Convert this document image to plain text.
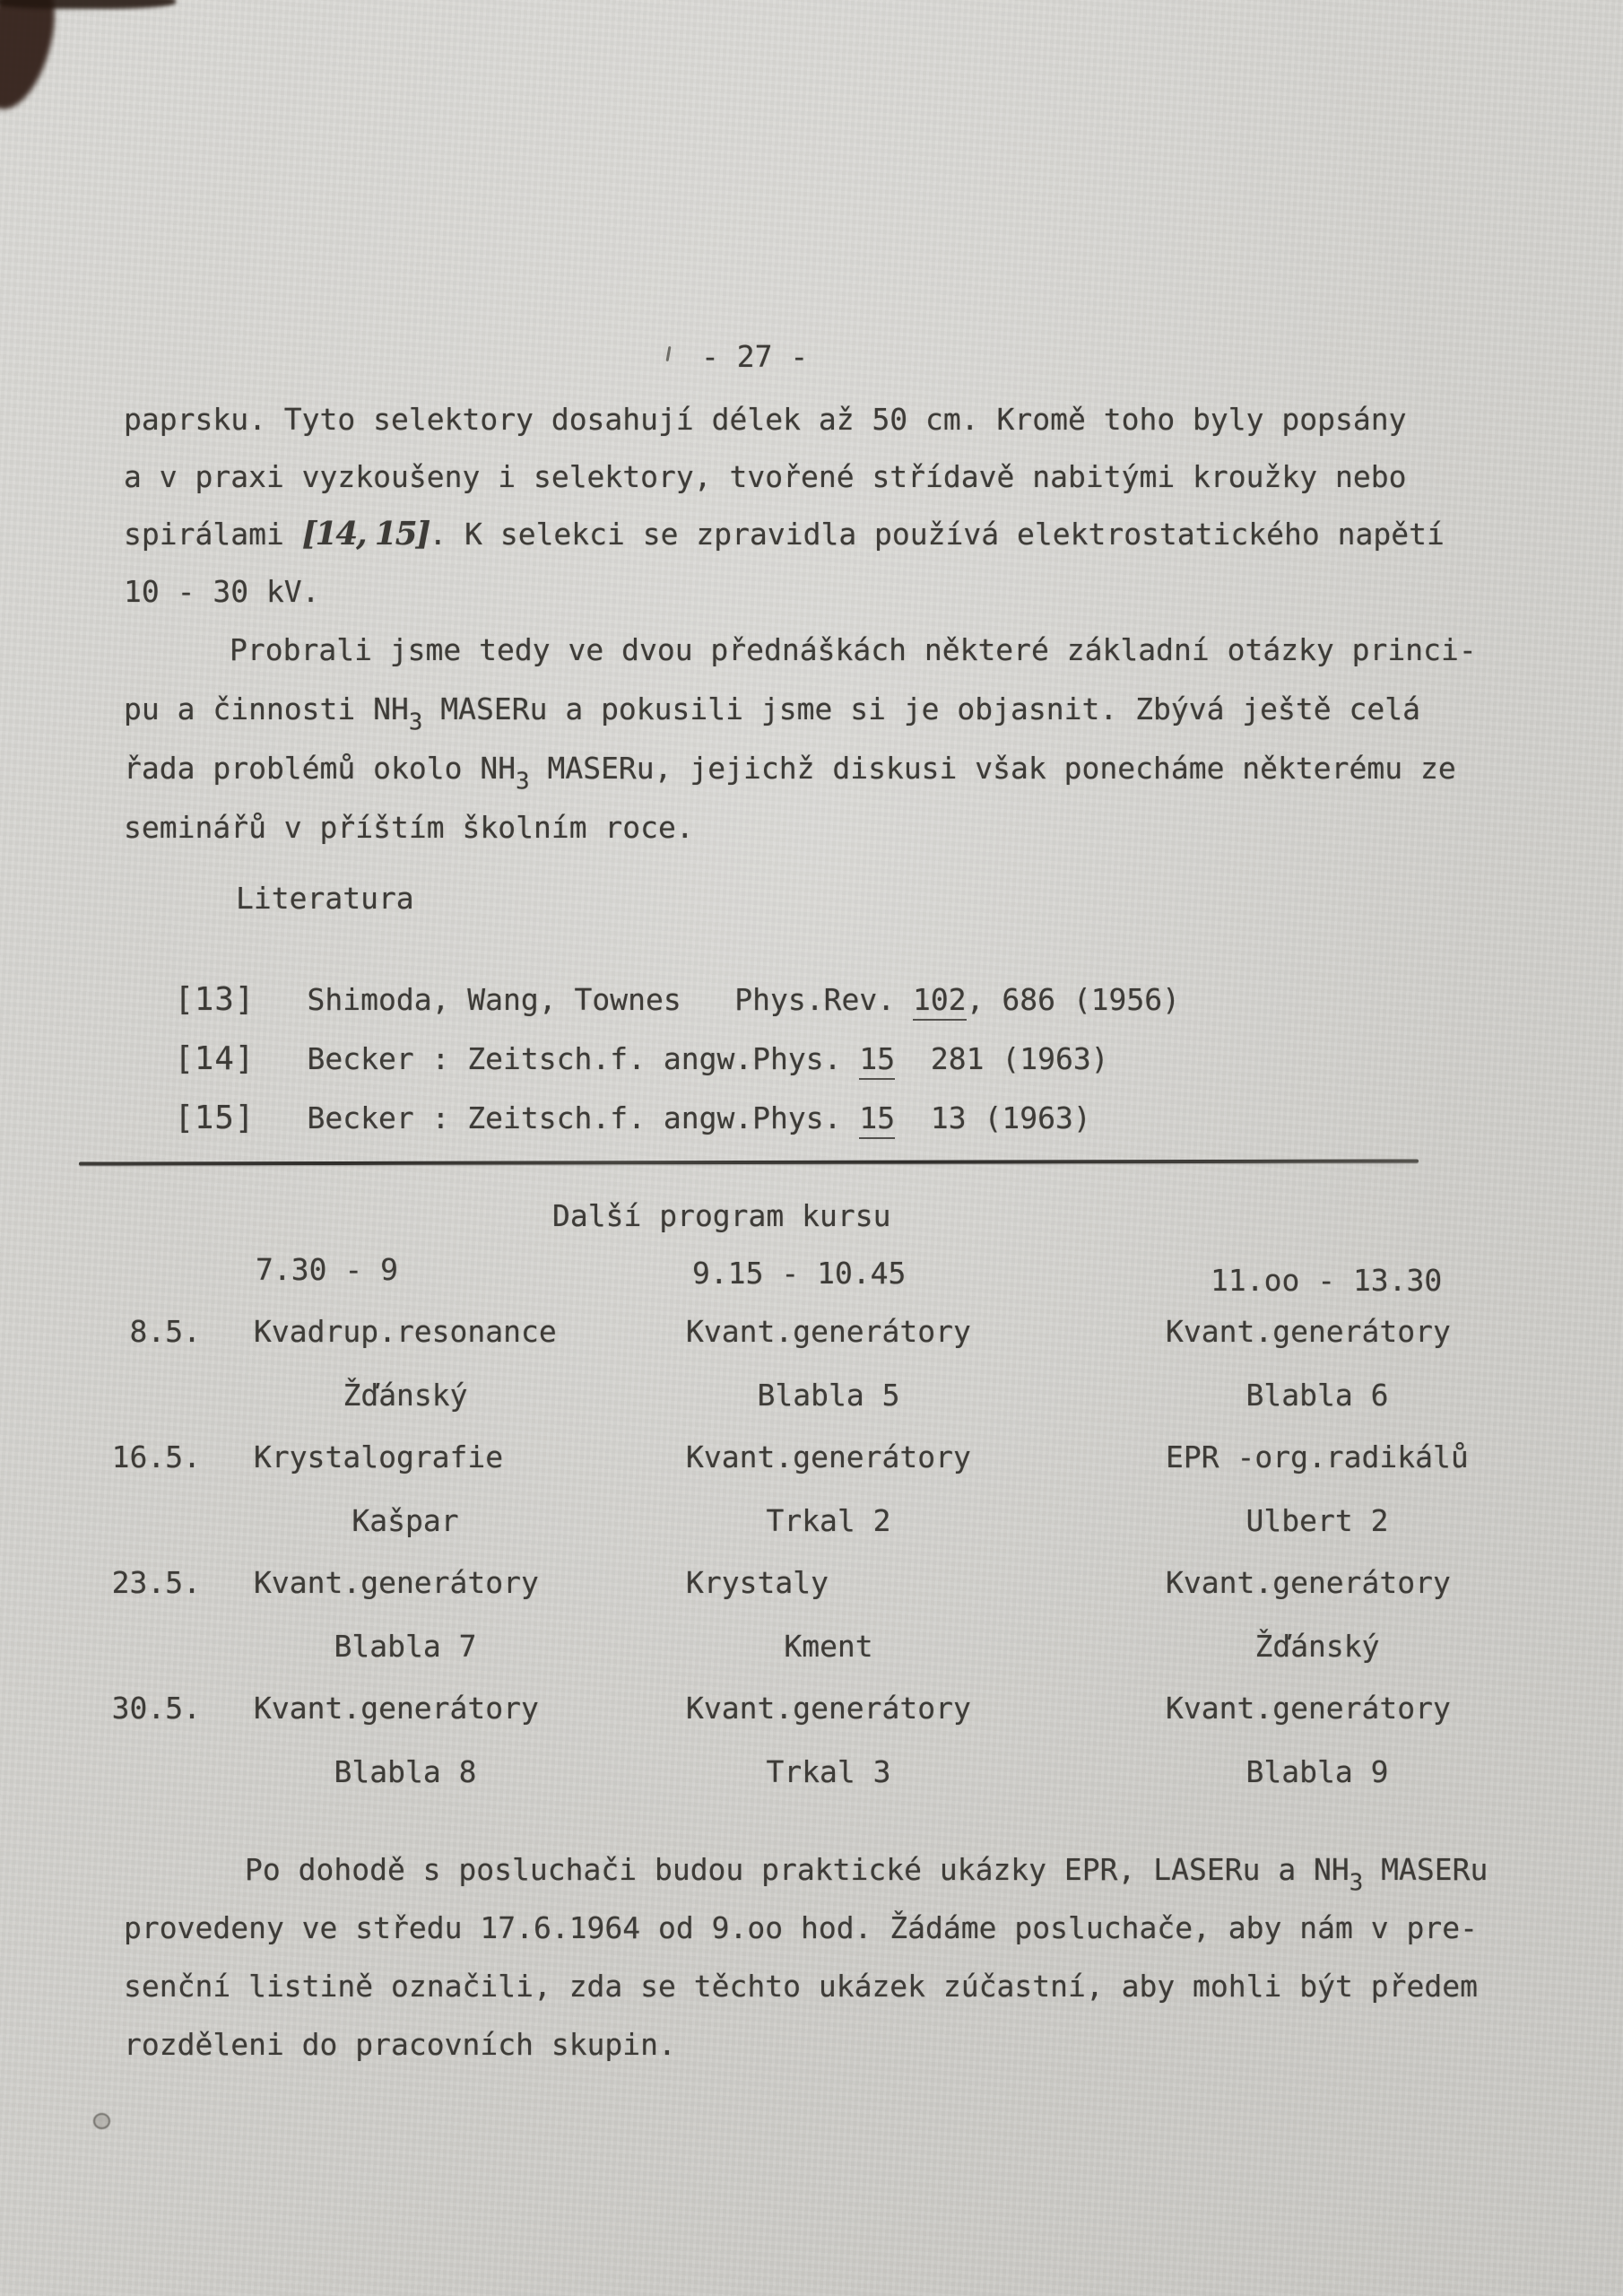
- 27 -
paprsku. Tyto selektory dosahují délek až 50 cm. Kromě toho byly popsány
a v praxi vyzkoušeny i selektory, tvořené střídavě nabitými kroužky nebo
spirálami [14, 15]. K selekci se zpravidla používá elektrostatického napětí
10 - 30 kV.
Probrali jsme tedy ve dvou přednáškách některé základní otázky princi-
pu a činnosti $NH_3$ MASERu a pokusili jsme si je objasnit. Zbývá ještě celá
řada problémů okolo $NH_3$ MASERu, jejichž diskusi však ponecháme některému ze
seminářů v příštím školním roce.
Literatura

[13] Shimoda, Wang, Townes   Phys.Rev. 102, 686 (1956)

[14] Becker : Zeitsch.f. angw.Phys. 15  281 (1963)

[15] Becker : Zeitsch.f. angw.Phys. 15  13 (1963)

Další program kursu
7.30 - 9	9.15 - 10.45	11.oo - 13.30
8.5. Kvadrup.resonance
Žďánský
Kvant.generátory
Blabla 5
Kvant.generátory
Blabla 6
16.5. Krystalografie
Kašpar
Kvant.generátory
Trkal 2
EPR -org.radikálů
Ulbert 2
23.5. Kvant.generátory
Blabla 7
Krystaly
Kment
Kvant.generátory
Žďánský
30.5. Kvant.generátory
Blabla 8
Kvant.generátory
Trkal 3
Kvant.generátory
Blabla 9
Po dohodě s posluchači budou praktické ukázky EPR, LASERu a $NH_3$ MASERu
provedeny ve středu 17.6.1964 od 9.oo hod. Žádáme posluchače, aby nám v pre-
senční listině označili, zda se těchto ukázek zúčastní, aby mohli být předem
rozděleni do pracovních skupin.
